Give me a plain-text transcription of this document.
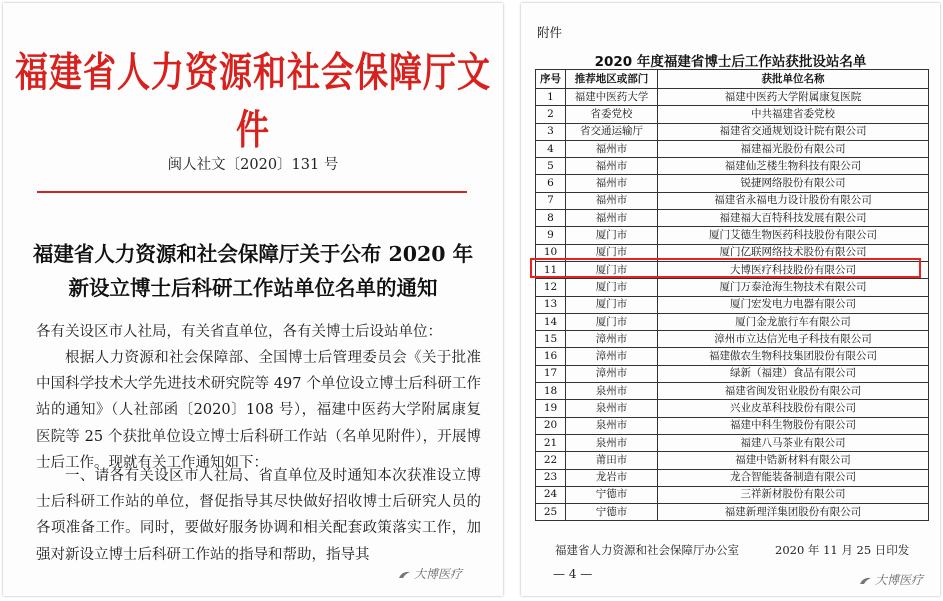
福建省人力资源和社会保障厅文件
闽人社文〔2020〕131 号
福建省人力资源和社会保障厅关于公布 2020 年
新设立博士后科研工作站单位名单的通知
各有关设区市人社局，有关省直单位，各有关博士后设站单位：
根据人力资源和社会保障部、全国博士后管理委员会《关于批准中国科学技术大学先进技术研究院等 497 个单位设立博士后科研工作站的通知》（人社部函〔2020〕108 号），福建中医药大学附属康复医院等 25 个获批单位设立博士后科研工作站（名单见附件），开展博士后工作。现就有关工作通知如下：
一、请各有关设区市人社局、省直单位及时通知本次获准设立博士后科研工作站的单位，督促指导其尽快做好招收博士后研究人员的各项准备工作。同时，要做好服务协调和相关配套政策落实工作，加强对新设立博士后科研工作站的指导和帮助，指导其
大博医疗
附件
2020 年度福建省博士后工作站获批设站名单
序号	推荐地区或部门	获批单位名称
1	福建中医药大学	福建中医药大学附属康复医院
2	省委党校	中共福建省委党校
3	省交通运输厅	福建省交通规划设计院有限公司
4	福州市	福建福光股份有限公司
5	福州市	福建仙芝楼生物科技有限公司
6	福州市	锐捷网络股份有限公司
7	福州市	福建省永福电力设计股份有限公司
8	福州市	福建福大百特科技发展有限公司
9	厦门市	厦门艾德生物医药科技股份有限公司
10	厦门市	厦门亿联网络技术股份有限公司
11	厦门市	大博医疗科技股份有限公司
12	厦门市	厦门万泰沧海生物技术有限公司
13	厦门市	厦门宏发电力电器有限公司
14	厦门市	厦门金龙旅行车有限公司
15	漳州市	漳州市立达信光电子科技有限公司
16	漳州市	福建傲农生物科技集团股份有限公司
17	漳州市	绿新（福建）食品有限公司
18	泉州市	福建省闽发铝业股份有限公司
19	泉州市	兴业皮革科技股份有限公司
20	泉州市	福建中科生物股份有限公司
21	泉州市	福建八马茶业有限公司
22	莆田市	福建中锆新材料有限公司
23	龙岩市	龙合智能装备制造有限公司
24	宁德市	三祥新材股份有限公司
25	宁德市	福建新理洋集团股份有限公司
福建省人力资源和社会保障厅办公室	2020 年 11 月 25 日印发
— 4 —	大博医疗
